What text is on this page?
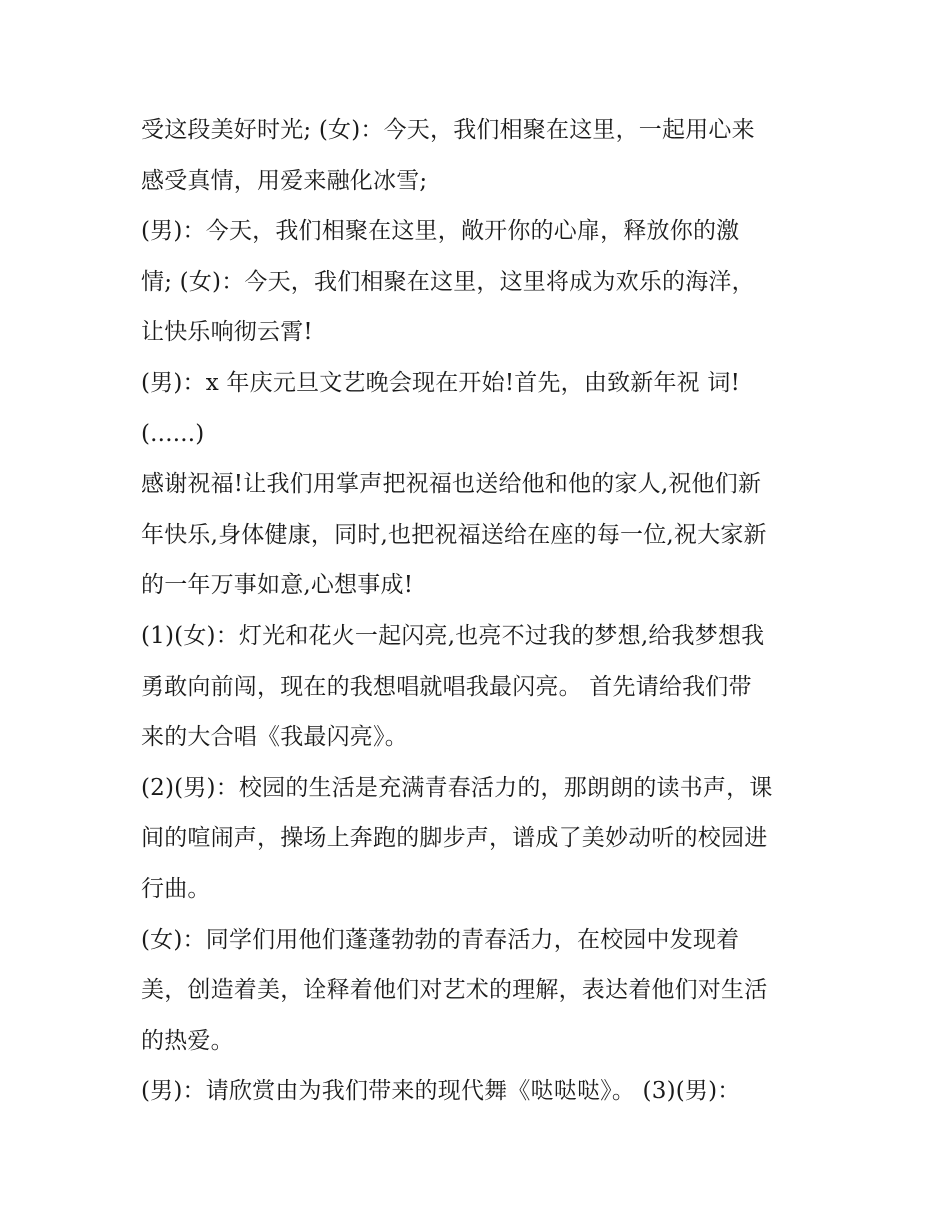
受这段美好时光; (女)：今天，我们相聚在这里，一起用心来
感受真情，用爱来融化冰雪;
(男)：今天，我们相聚在这里，敞开你的心扉，释放你的激
情; (女)：今天，我们相聚在这里，这里将成为欢乐的海洋，
让快乐响彻云霄!
(男)：x 年庆元旦文艺晚会现在开始!首先，由致新年祝 词!
(......)
感谢祝福!让我们用掌声把祝福也送给他和他的家人,祝他们新
年快乐,身体健康，同时,也把祝福送给在座的每一位,祝大家新
的一年万事如意,心想事成!
(1)(女)：灯光和花火一起闪亮,也亮不过我的梦想,给我梦想我
勇敢向前闯，现在的我想唱就唱我最闪亮。 首先请给我们带
来的大合唱《我最闪亮》。
(2)(男)：校园的生活是充满青春活力的，那朗朗的读书声，课
间的喧闹声，操场上奔跑的脚步声，谱成了美妙动听的校园进
行曲。
(女)：同学们用他们蓬蓬勃勃的青春活力，在校园中发现着
美，创造着美，诠释着他们对艺术的理解，表达着他们对生活
的热爱。
(男)：请欣赏由为我们带来的现代舞《哒哒哒》。 (3)(男)：
